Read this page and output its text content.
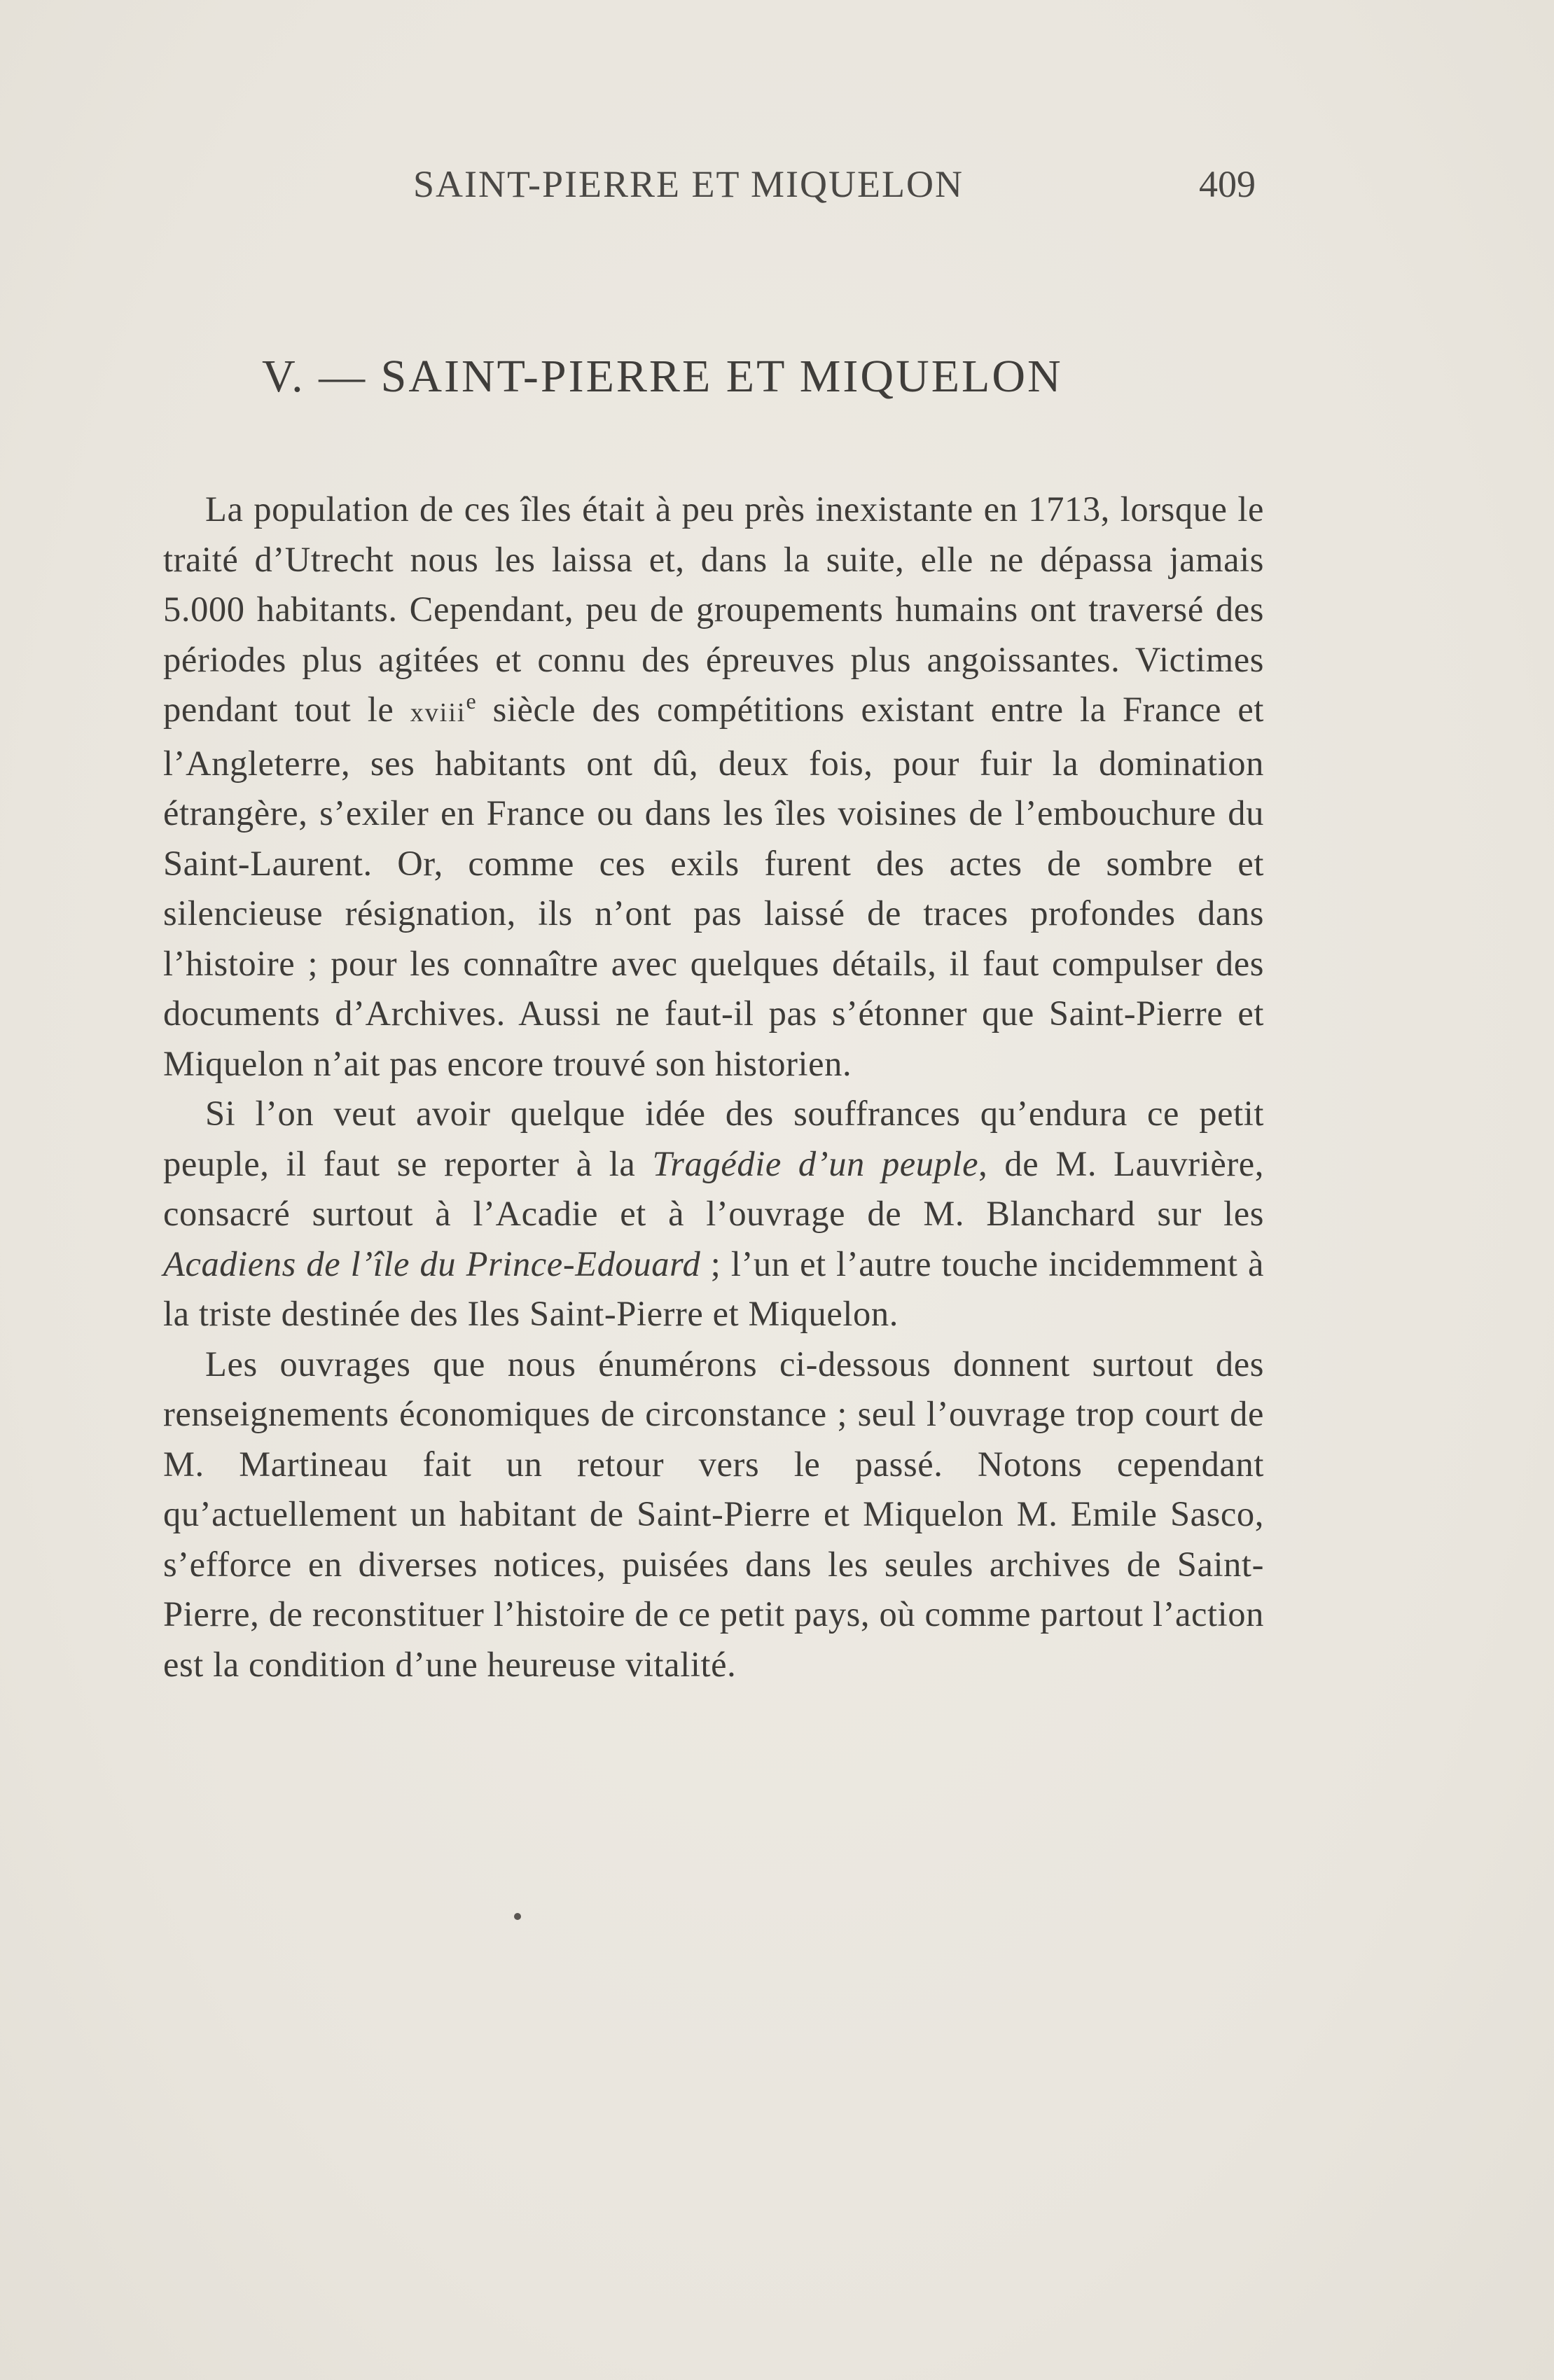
SAINT-PIERRE ET MIQUELON	409
V. — SAINT-PIERRE ET MIQUELON

La population de ces îles était à peu près inexistante en 1713, lorsque le traité d’Utrecht nous les laissa et, dans la suite, elle ne dépassa jamais 5.000 habitants. Cependant, peu de groupements humains ont traversé des périodes plus agitées et connu des épreuves plus angoissantes. Victimes pendant tout le xviii$^e$ siècle des compétitions existant entre la France et l’Angleterre, ses habitants ont dû, deux fois, pour fuir la domination étrangère, s’exiler en France ou dans les îles voisines de l’embouchure du Saint-Laurent. Or, comme ces exils furent des actes de sombre et silencieuse résignation, ils n’ont pas laissé de traces profondes dans l’histoire ; pour les connaître avec quelques détails, il faut compulser des documents d’Archives. Aussi ne faut-il pas s’étonner que Saint-Pierre et Miquelon n’ait pas encore trouvé son historien.

Si l’on veut avoir quelque idée des souffrances qu’endura ce petit peuple, il faut se reporter à la Tragédie d’un peuple, de M. Lauvrière, consacré surtout à l’Acadie et à l’ouvrage de M. Blanchard sur les Acadiens de l’île du Prince-Edouard ; l’un et l’autre touche incidemment à la triste destinée des Iles Saint-Pierre et Miquelon.

Les ouvrages que nous énumérons ci-dessous donnent surtout des renseignements économiques de circonstance ; seul l’ouvrage trop court de M. Martineau fait un retour vers le passé. Notons cependant qu’actuellement un habitant de Saint-Pierre et Miquelon M. Emile Sasco, s’efforce en diverses notices, puisées dans les seules archives de Saint-Pierre, de reconstituer l’histoire de ce petit pays, où comme partout l’action est la condition d’une heureuse vitalité.
